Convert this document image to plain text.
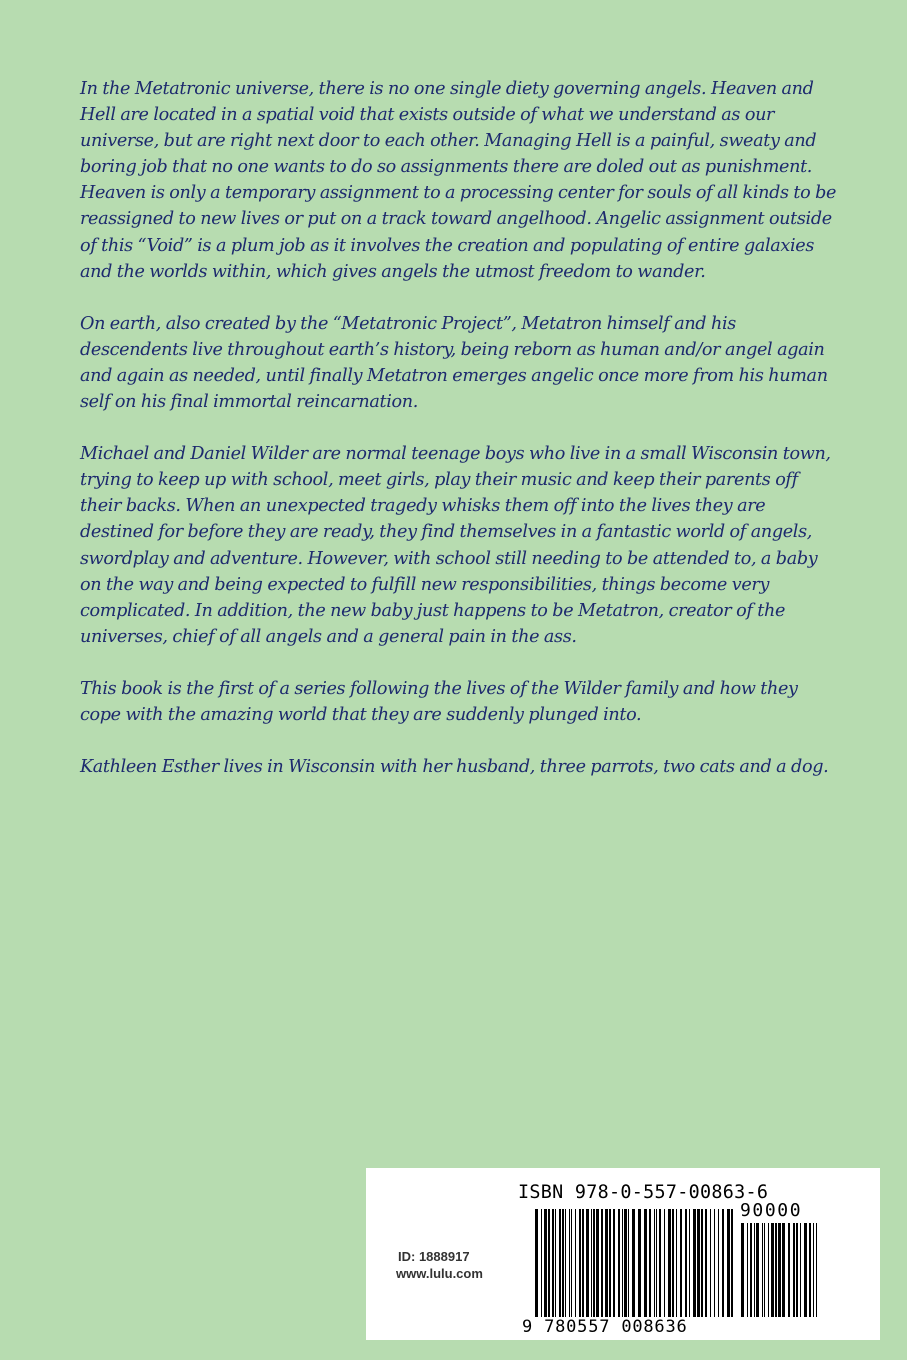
In the Metatronic universe, there is no one single diety governing angels. Heaven and Hell are located in a spatial void that exists outside of what we understand as our universe, but are right next door to each other. Managing Hell is a painful, sweaty and boring job that no one wants to do so assignments there are doled out as punishment. Heaven is only a temporary assignment to a processing center for souls of all kinds to be reassigned to new lives or put on a track toward angelhood. Angelic assignment outside of this “Void” is a plum job as it involves the creation and populating of entire galaxies and the worlds within, which gives angels the utmost freedom to wander.

On earth, also created by the “Metatronic Project”, Metatron himself and his descendents live throughout earth’s history, being reborn as human and/or angel again and again as needed, until finally Metatron emerges angelic once more from his human self on his final immortal reincarnation.

Michael and Daniel Wilder are normal teenage boys who live in a small Wisconsin town, trying to keep up with school, meet girls, play their music and keep their parents off their backs. When an unexpected tragedy whisks them off into the lives they are destined for before they are ready, they find themselves in a fantastic world of angels, swordplay and adventure. However, with school still needing to be attended to, a baby on the way and being expected to fulfill new responsibilities, things become very complicated. In addition, the new baby just happens to be Metatron, creator of the universes, chief of all angels and a general pain in the ass.

This book is the first of a series following the lives of the Wilder family and how they cope with the amazing world that they are suddenly plunged into.

Kathleen Esther lives in Wisconsin with her husband, three parrots, two cats and a dog.

ISBN 978-0-557-00863-6
ID: 1888917
www.lulu.com
90000
9 780557 008636
